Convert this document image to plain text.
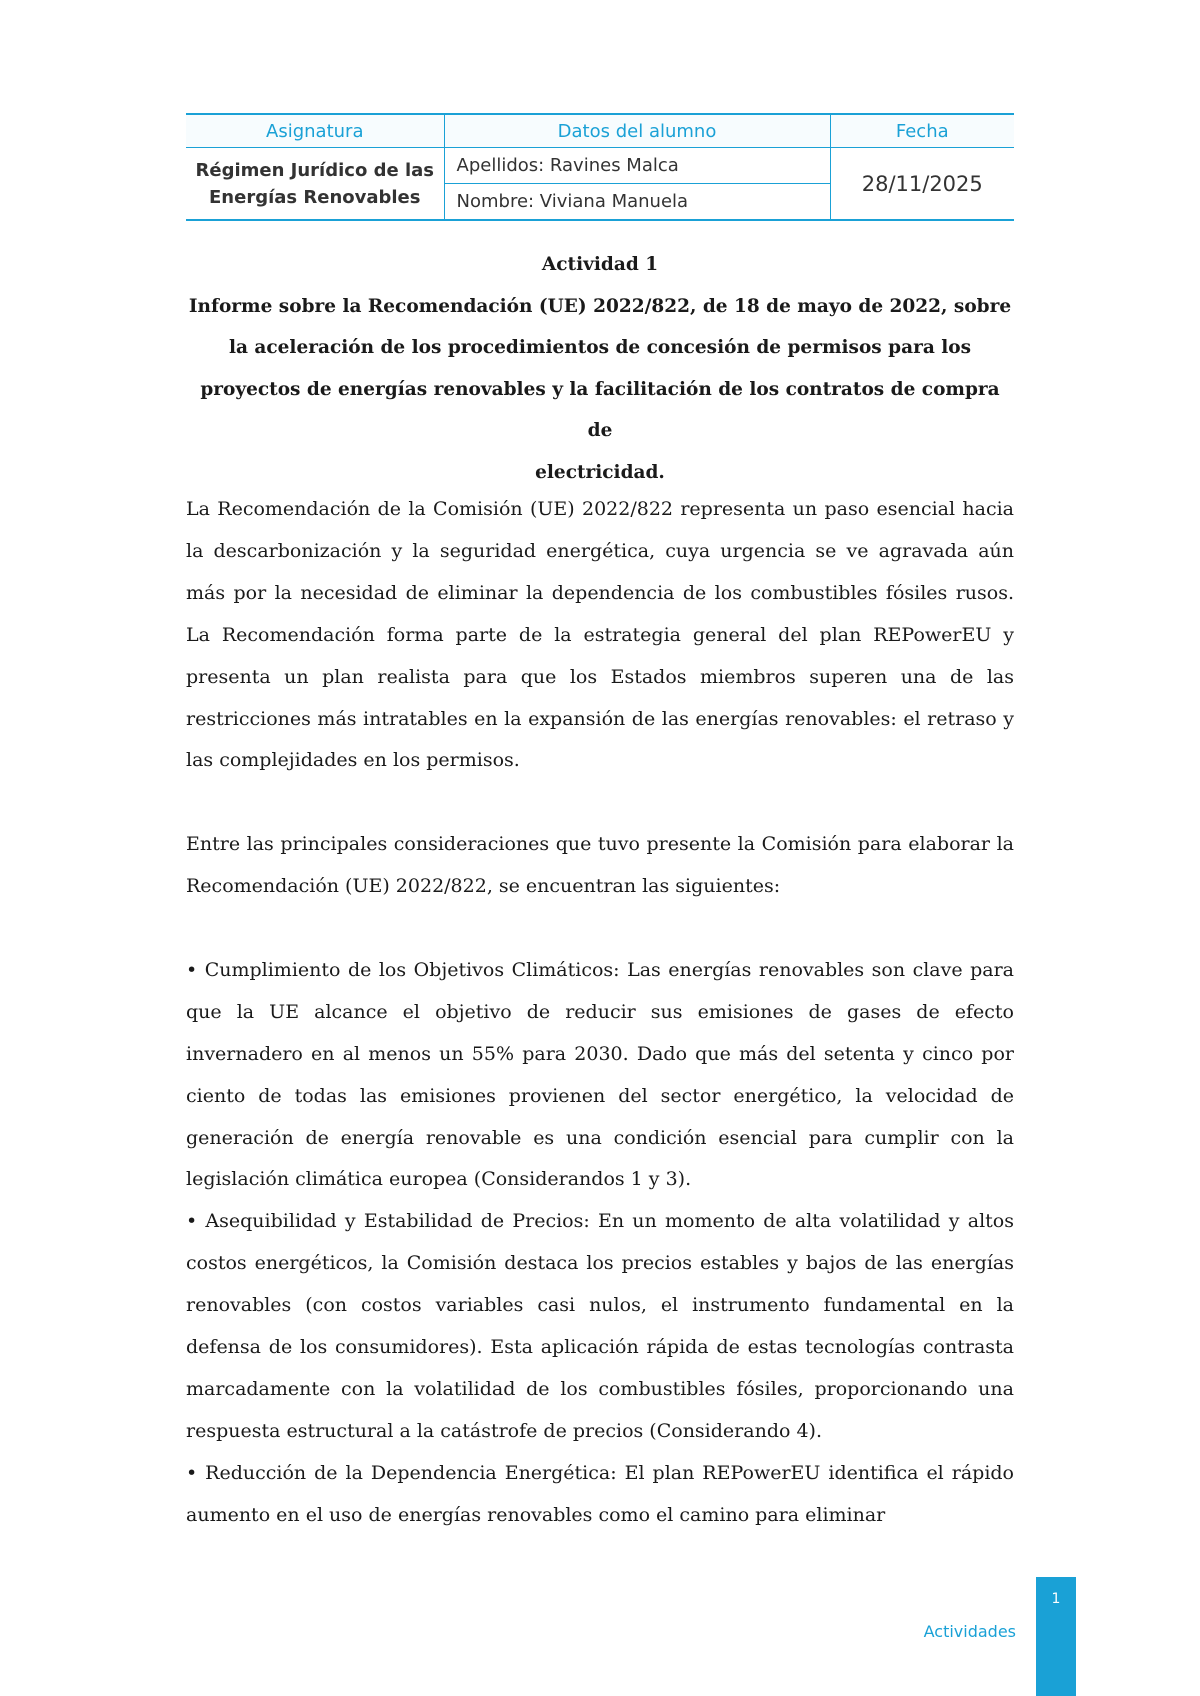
Asignatura	Datos del alumno	Fecha

Régimen Jurídico de las
Energías Renovables	Apellidos: Ravines Malca	28/11/2025
	Nombre: Viviana Manuela	
Actividad 1
Informe sobre la Recomendación (UE) 2022/822, de 18 de mayo de 2022, sobre
la aceleración de los procedimientos de concesión de permisos para los
proyectos de energías renovables y la facilitación de los contratos de compra de
electricidad.

La Recomendación de la Comisión (UE) 2022/822 representa un paso esencial hacia la descarbonización y la seguridad energética, cuya urgencia se ve agravada aún más por la necesidad de eliminar la dependencia de los combustibles fósiles rusos. La Recomendación forma parte de la estrategia general del plan REPowerEU y presenta un plan realista para que los Estados miembros superen una de las restricciones más intratables en la expansión de las energías renovables: el retraso y las complejidades en los permisos.

Entre las principales consideraciones que tuvo presente la Comisión para elaborar la Recomendación (UE) 2022/822, se encuentran las siguientes:

• Cumplimiento de los Objetivos Climáticos: Las energías renovables son clave para que la UE alcance el objetivo de reducir sus emisiones de gases de efecto invernadero en al menos un 55% para 2030. Dado que más del setenta y cinco por ciento de todas las emisiones provienen del sector energético, la velocidad de generación de energía renovable es una condición esencial para cumplir con la legislación climática europea (Considerandos 1 y 3).

• Asequibilidad y Estabilidad de Precios: En un momento de alta volatilidad y altos costos energéticos, la Comisión destaca los precios estables y bajos de las energías renovables (con costos variables casi nulos, el instrumento fundamental en la defensa de los consumidores). Esta aplicación rápida de estas tecnologías contrasta marcadamente con la volatilidad de los combustibles fósiles, proporcionando una respuesta estructural a la catástrofe de precios (Considerando 4).

• Reducción de la Dependencia Energética: El plan REPowerEU identifica el rápido aumento en el uso de energías renovables como el camino para eliminar

Actividades
1
